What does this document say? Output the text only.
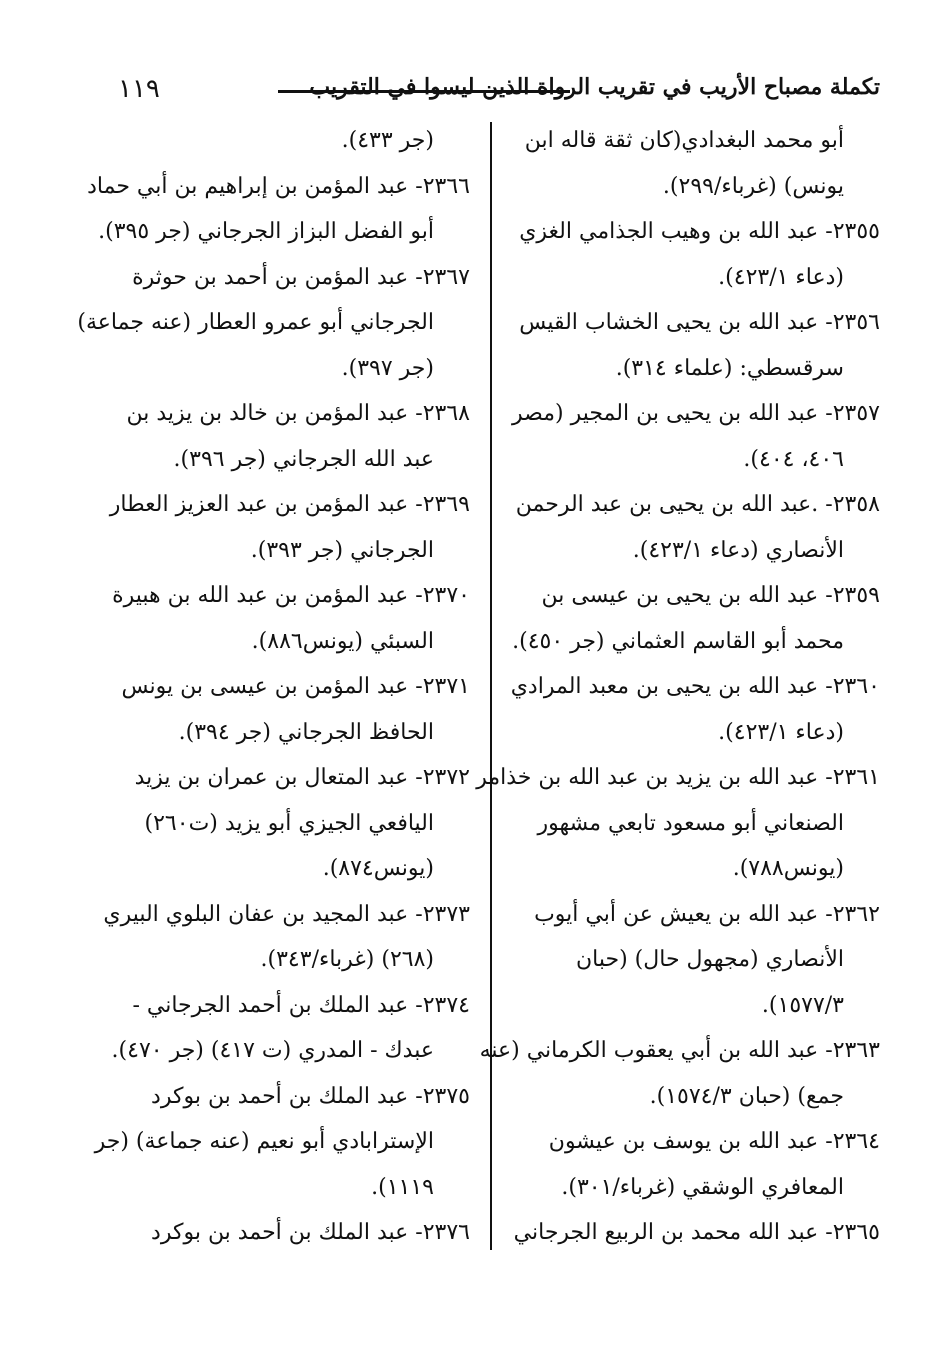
١١٩	تكملة مصباح الأريب في تقريب الرواة الذين ليسوا في التقريب
أبو محمد البغدادي(كان ثقة قاله ابن
يونس) (غرباء/٢٩٩).
٢٣٥٥- عبد الله بن وهيب الجذامي الغزي
(دعاء ٤٢٣/١).
٢٣٥٦- عبد الله بن يحيى الخشاب القيس
سرقسطي: (علماء ٣١٤).
٢٣٥٧- عبد الله بن يحيى بن المجير (مصر
٤٠٦، ٤٠٤).
٢٣٥٨- .عبد الله بن يحيى بن عبد الرحمن
الأنصاري (دعاء ٤٢٣/١).
٢٣٥٩- عبد الله بن يحيى بن عيسى بن
محمد أبو القاسم العثماني (جر ٤٥٠).
٢٣٦٠- عبد الله بن يحيى بن معبد المرادي
(دعاء ٤٢٣/١).
٢٣٦١- عبد الله بن يزيد بن عبد الله بن خذامر
الصنعاني أبو مسعود تابعي مشهور
(يونس٧٨٨).
٢٣٦٢- عبد الله بن يعيش عن أبي أيوب
الأنصاري (مجهول حال) (حبان
١٥٧٧/٣).
٢٣٦٣- عبد الله بن أبي يعقوب الكرماني (عنه
جمع) (حبان ١٥٧٤/٣).
٢٣٦٤- عبد الله بن يوسف بن عيشون
المعافري الوشقي (غرباء/٣٠١).
٢٣٦٥- عبد الله محمد بن الربيع الجرجاني
(جر ٤٣٣).
٢٣٦٦- عبد المؤمن بن إبراهيم بن أبي حماد
أبو الفضل البزاز الجرجاني (جر ٣٩٥).
٢٣٦٧- عبد المؤمن بن أحمد بن حوثرة
الجرجاني أبو عمرو العطار (عنه جماعة)
(جر ٣٩٧).
٢٣٦٨- عبد المؤمن بن خالد بن يزيد بن
عبد الله الجرجاني (جر ٣٩٦).
٢٣٦٩- عبد المؤمن بن عبد العزيز العطار
الجرجاني (جر ٣٩٣).
٢٣٧٠- عبد المؤمن بن عبد الله بن هبيرة
السبئي (يونس٨٨٦).
٢٣٧١- عبد المؤمن بن عيسى بن يونس
الحافظ الجرجاني (جر ٣٩٤).
٢٣٧٢- عبد المتعال بن عمران بن يزيد
اليافعي الجيزي أبو يزيد (ت٢٦٠)
(يونس٨٧٤).
٢٣٧٣- عبد المجيد بن عفان البلوي البيري
(٢٦٨) (غرباء/٣٤٣).
٢٣٧٤- عبد الملك بن أحمد الجرجاني -
عبدك - المدري (ت ٤١٧) (جر ٤٧٠).
٢٣٧٥- عبد الملك بن أحمد بن بوكرد
الإسترابادي أبو نعيم (عنه جماعة) (جر
١١١٩).
٢٣٧٦- عبد الملك بن أحمد بن بوكرد
